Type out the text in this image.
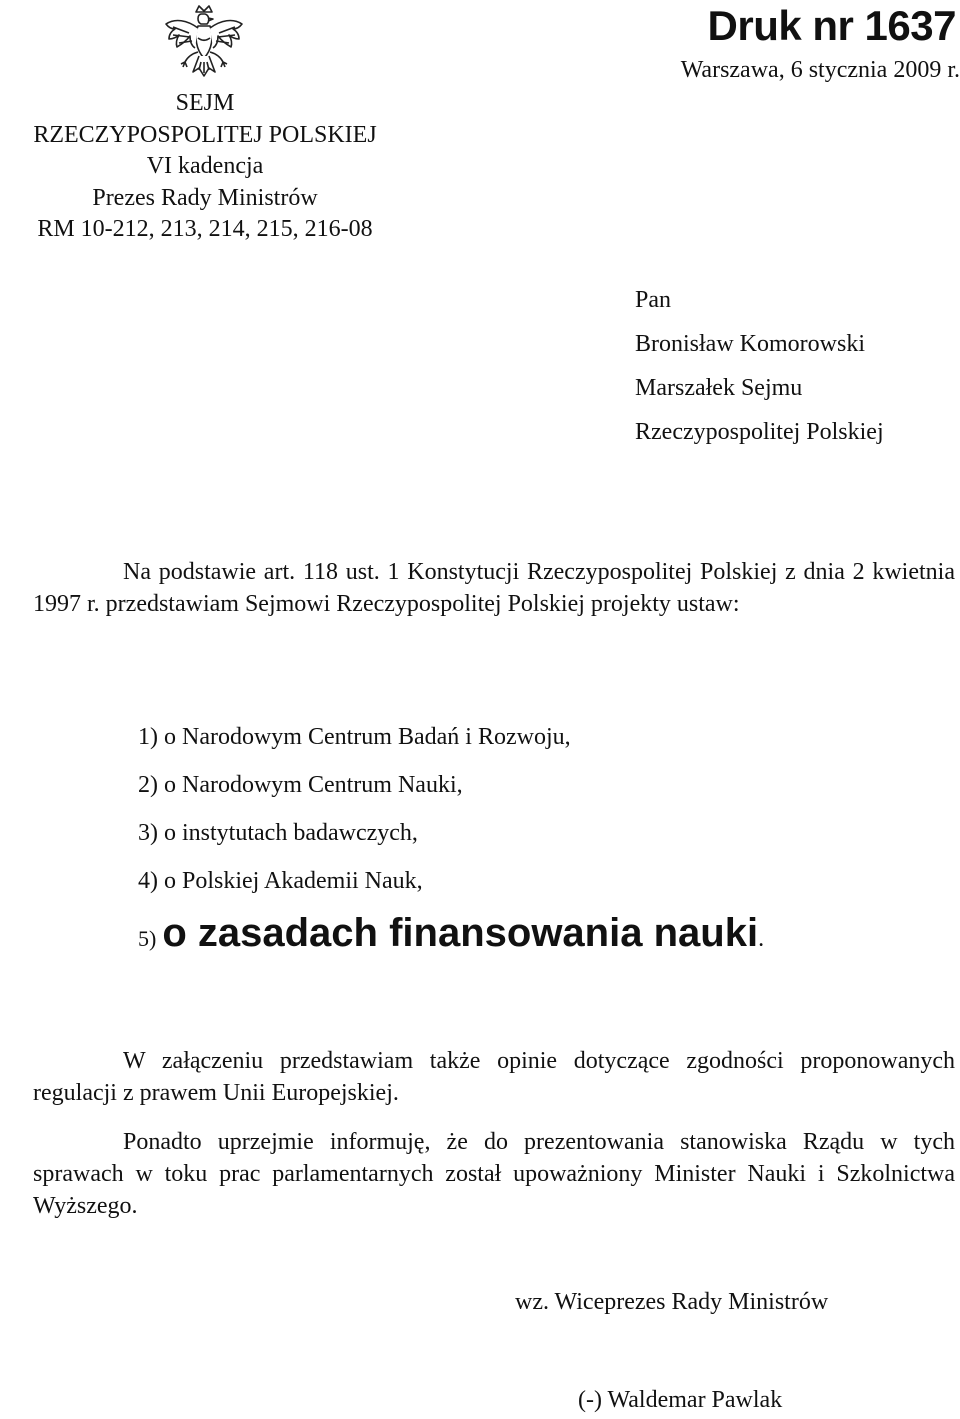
SEJM
RZECZYPOSPOLITEJ POLSKIEJ
VI kadencja
Prezes Rady Ministrów
RM 10-212, 213, 214, 215, 216-08
Druk nr 1637
Warszawa, 6 stycznia 2009 r.
Pan
Bronisław Komorowski
Marszałek Sejmu
Rzeczypospolitej Polskiej

Na podstawie art. 118 ust. 1 Konstytucji Rzeczypospolitej Polskiej z dnia 2 kwietnia 1997 r. przedstawiam Sejmowi Rzeczypospolitej Polskiej projekty ustaw:

1) o Narodowym Centrum Badań i Rozwoju,
2) o Narodowym Centrum Nauki,
3) o instytutach badawczych,
4) o Polskiej Akademii Nauk,
5) o zasadach finansowania nauki.

W załączeniu przedstawiam także opinie dotyczące zgodności proponowanych regulacji z prawem Unii Europejskiej.

Ponadto uprzejmie informuję, że do prezentowania stanowiska Rządu w tych sprawach w toku prac parlamentarnych został upoważniony Minister Nauki i Szkolnictwa Wyższego.

wz. Wiceprezes Rady Ministrów
(-) Waldemar Pawlak
